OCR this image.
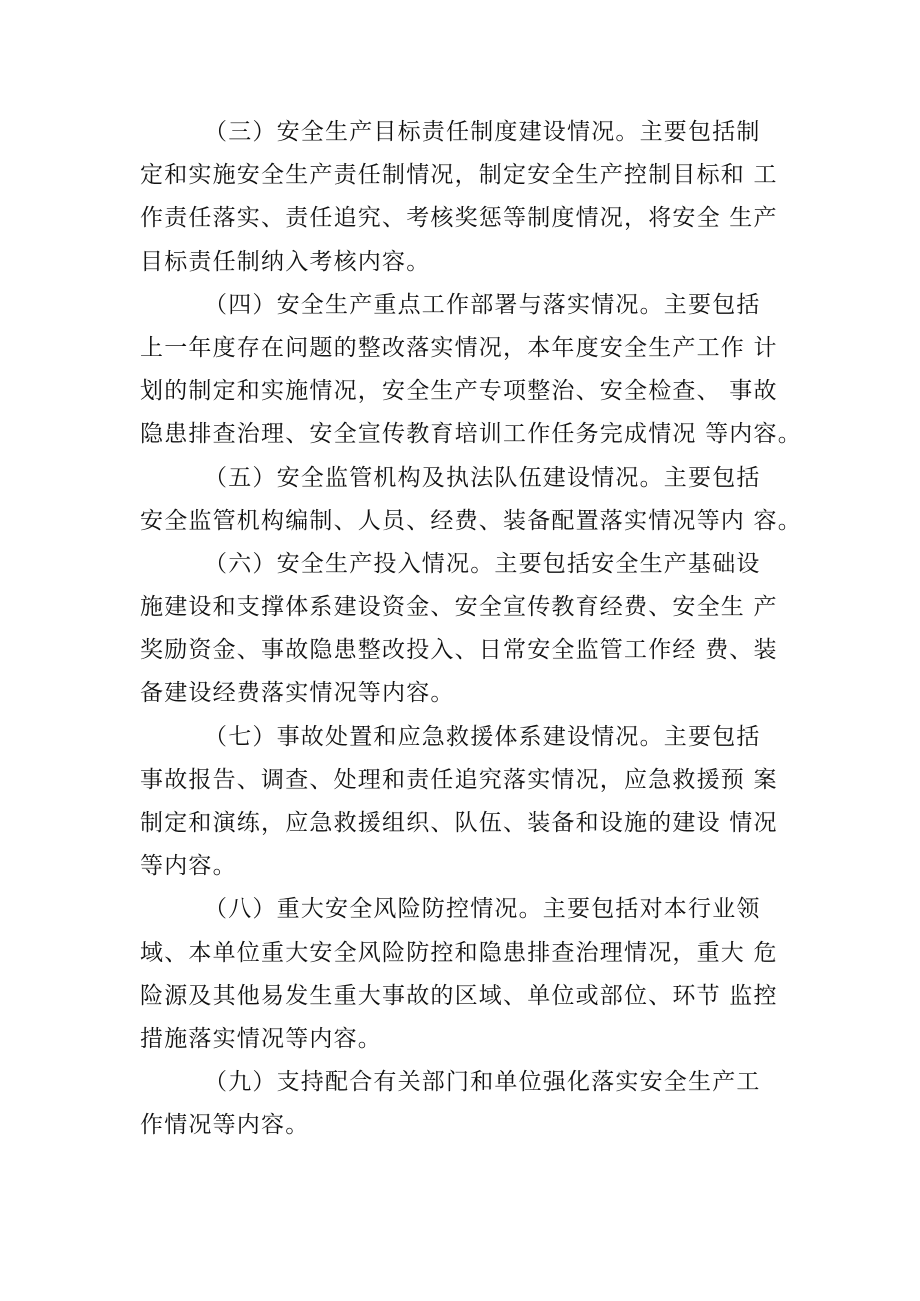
（三）安全生产目标责任制度建设情况。主要包括制
定和实施安全生产责任制情况，制定安全生产控制目标和 工
作责任落实、责任追究、考核奖惩等制度情况，将安全 生产
目标责任制纳入考核内容。
（四）安全生产重点工作部署与落实情况。主要包括
上一年度存在问题的整改落实情况，本年度安全生产工作 计
划的制定和实施情况，安全生产专项整治、安全检查、 事故
隐患排查治理、安全宣传教育培训工作任务完成情况 等内容。
（五）安全监管机构及执法队伍建设情况。主要包括
安全监管机构编制、人员、经费、装备配置落实情况等内 容。
（六）安全生产投入情况。主要包括安全生产基础设
施建设和支撑体系建设资金、安全宣传教育经费、安全生 产
奖励资金、事故隐患整改投入、日常安全监管工作经 费、装
备建设经费落实情况等内容。
（七）事故处置和应急救援体系建设情况。主要包括
事故报告、调查、处理和责任追究落实情况，应急救援预 案
制定和演练，应急救援组织、队伍、装备和设施的建设 情况
等内容。
（八）重大安全风险防控情况。主要包括对本行业领
域、本单位重大安全风险防控和隐患排查治理情况，重大 危
险源及其他易发生重大事故的区域、单位或部位、环节 监控
措施落实情况等内容。
（九）支持配合有关部门和单位强化落实安全生产工
作情况等内容。
